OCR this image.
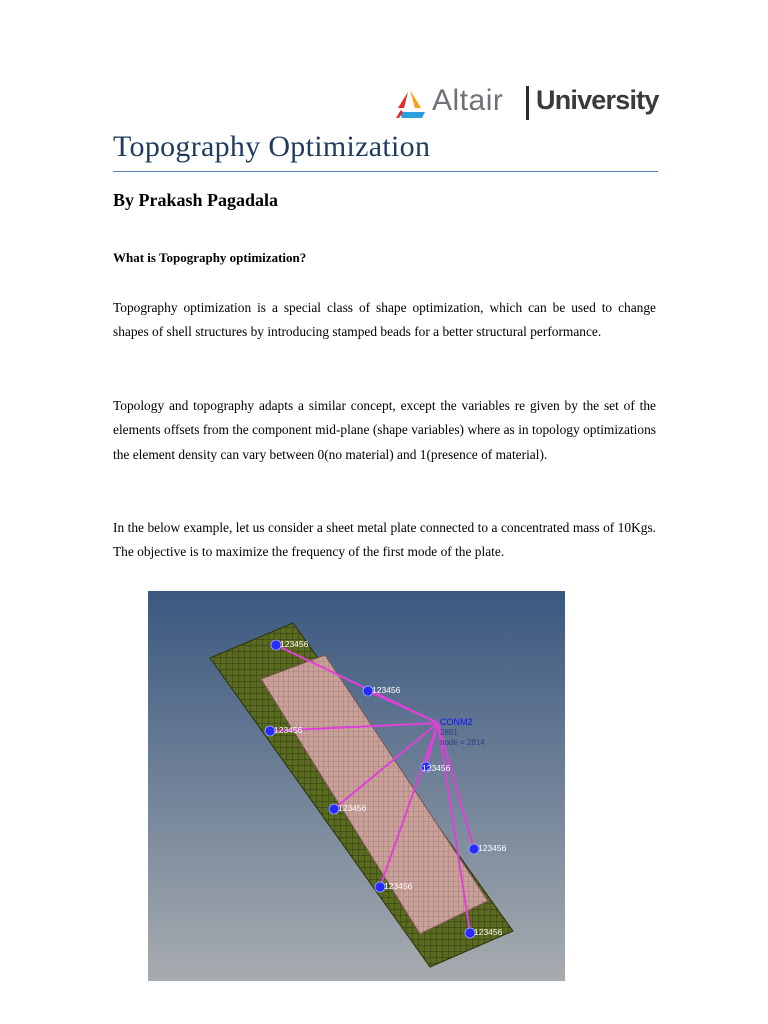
Altair University
Topography Optimization
By Prakash Pagadala
What is Topography optimization?

Topography optimization is a special class of shape optimization, which can be used to change shapes of shell structures by introducing stamped beads for a better structural performance.

Topology and topography adapts a similar concept, except the variables re given by the set of the elements offsets from the component mid-plane (shape variables) where as in topology optimizations the element density can vary between 0(no material) and 1(presence of material).

In the below example, let us consider a sheet metal plate connected to a concentrated mass of 10Kgs. The objective is to maximize the frequency of the first mode of the plate.

123456
123456
123456
123456
123456
123456
123456
123456
CONM2
2881
node = 2814
